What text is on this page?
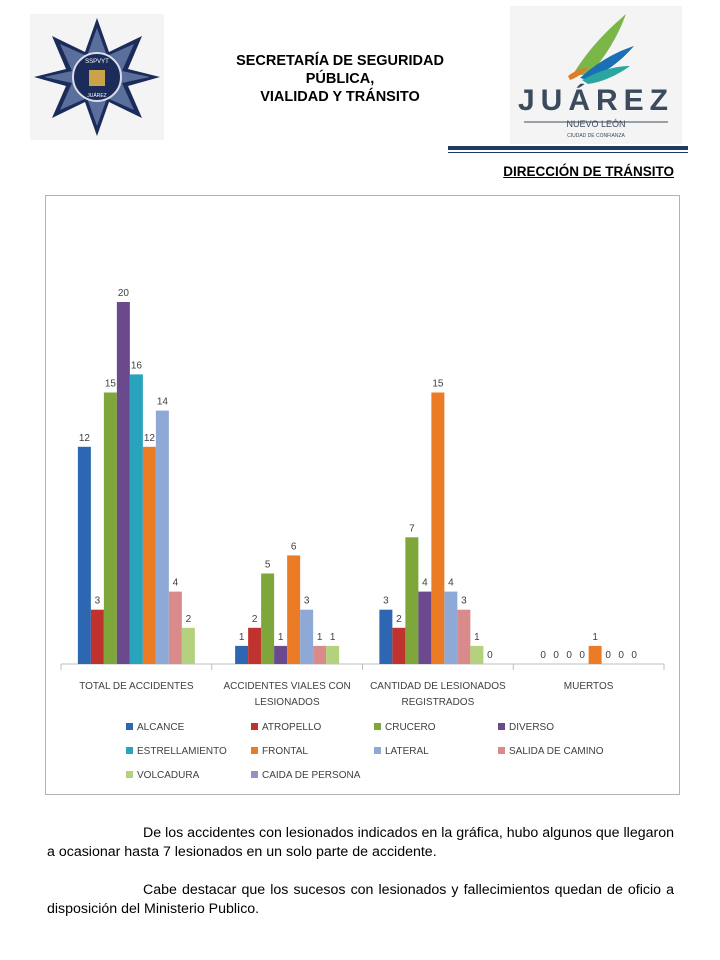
SSPVYT
JUÁREZ
SECRETARÍA DE SEGURIDAD
PÚBLICA,
VIALIDAD Y TRÁNSITO	JUÁREZ
NUEVO LEÓN
CIUDAD DE CONFIANZA
DIRECCIÓN DE TRÁNSITO
12
3
15
20
16
12
14
4
2
TOTAL DE ACCIDENTES
1
2
5
1
6
3
1 1
ACCIDENTES VIALES CON
LESIONADOS
3
2
7
4
15
4
3
1
0
CANTIDAD DE LESIONADOS
REGISTRADOS
0 0 0 0
1
0 0 0
MUERTOS
ALCANCE	ATROPELLO	CRUCERO	DIVERSO
ESTRELLAMIENTO	FRONTAL	LATERAL	SALIDA DE CAMINO
VOLCADURA	CAIDA DE PERSONA
De los accidentes con lesionados indicados en la gráfica, hubo algunos que llegaron a ocasionar hasta 7 lesionados en un solo parte de accidente.
Cabe destacar que los sucesos con lesionados y fallecimientos quedan de oficio a disposición del Ministerio Publico.
